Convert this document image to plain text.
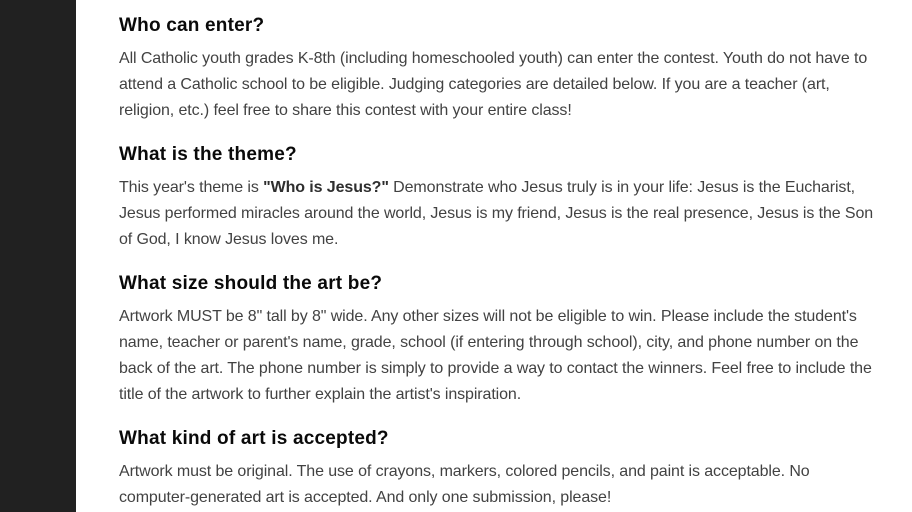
Who can enter?

All Catholic youth grades K-8th (including homeschooled youth) can enter the contest. Youth do not have to attend a Catholic school to be eligible. Judging categories are detailed below. If you are a teacher (art, religion, etc.) feel free to share this contest with your entire class!

What is the theme?

This year's theme is "Who is Jesus?" Demonstrate who Jesus truly is in your life: Jesus is the Eucharist, Jesus performed miracles around the world, Jesus is my friend, Jesus is the real presence, Jesus is the Son of God, I know Jesus loves me.

What size should the art be?

Artwork MUST be 8" tall by 8" wide. Any other sizes will not be eligible to win. Please include the student's name, teacher or parent's name, grade, school (if entering through school), city, and phone number on the back of the art. The phone number is simply to provide a way to contact the winners. Feel free to include the title of the artwork to further explain the artist's inspiration.

What kind of art is accepted?

Artwork must be original. The use of crayons, markers, colored pencils, and paint is acceptable. No computer-generated art is accepted. And only one submission, please!
